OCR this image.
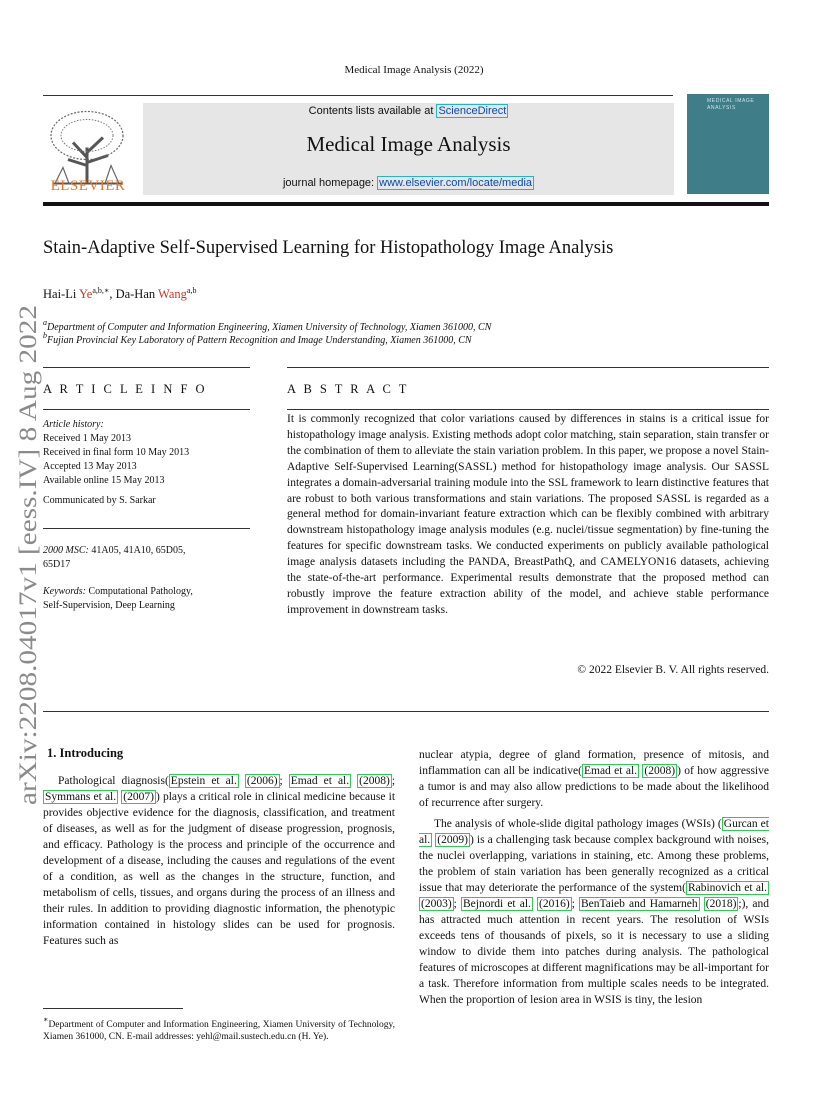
Medical Image Analysis (2022)
ELSEVIER
Contents lists available at ScienceDirect
Medical Image Analysis
journal homepage: www.elsevier.com/locate/media
MEDICAL IMAGE ANALYSIS
arXiv:2208.04017v1 [eess.IV] 8 Aug 2022
Stain-Adaptive Self-Supervised Learning for Histopathology Image Analysis
Hai-Li $Ye^{a,b,∗}$, Da-Han Wang$^{a,b}$
$^a$Department of Computer and Information Engineering, Xiamen University of Technology, Xiamen 361000, CN
$^b$Fujian Provincial Key Laboratory of Pattern Recognition and Image Understanding, Xiamen 361000, CN
A R T I C L E I N F O
Article history:
Received 1 May 2013
Received in final form 10 May 2013
Accepted 13 May 2013
Available online 15 May 2013
Communicated by S. Sarkar
2000 MSC: 41A05, 41A10, 65D05,
65D17
Keywords: Computational Pathology,
Self-Supervision, Deep Learning
A B S T R A C T
It is commonly recognized that color variations caused by differences in stains is a critical issue for histopathology image analysis. Existing methods adopt color matching, stain separation, stain transfer or the combination of them to alleviate the stain variation problem. In this paper, we propose a novel Stain-Adaptive Self-Supervised Learning(SASSL) method for histopathology image analysis. Our SASSL integrates a domain-adversarial training module into the SSL framework to learn distinctive features that are robust to both various transformations and stain variations. The proposed SASSL is regarded as a general method for domain-invariant feature extraction which can be flexibly combined with arbitrary downstream histopathology image analysis modules (e.g. nuclei/tissue segmentation) by fine-tuning the features for specific downstream tasks. We conducted experiments on publicly available pathological image analysis datasets including the PANDA, BreastPathQ, and CAMELYON16 datasets, achieving the state-of-the-art performance. Experimental results demonstrate that the proposed method can robustly improve the feature extraction ability of the model, and achieve stable performance improvement in downstream tasks.
© 2022 Elsevier B. V. All rights reserved.
1. Introducing

Pathological diagnosis( Epstein et al. (2006) ; Emad et al. (2008) ; Symmans et al. (2007) ) plays a critical role in clinical medicine because it provides objective evidence for the diagnosis, classification, and treatment of diseases, as well as for the judgment of disease progression, prognosis, and efficacy. Pathology is the process and principle of the occurrence and development of a disease, including the causes and regulations of the event of a condition, as well as the changes in the structure, function, and metabolism of cells, tissues, and organs during the process of an illness and their rules. In addition to providing diagnostic information, the phenotypic information contained in histology slides can be used for prognosis. Features such as

∗Department of Computer and Information Engineering, Xiamen University of Technology, Xiamen 361000, CN. E-mail addresses: yehl@mail.sustech.edu.cn (H. Ye).

nuclear atypia, degree of gland formation, presence of mitosis, and inflammation can all be indicative( Emad et al. (2008) ) of how aggressive a tumor is and may also allow predictions to be made about the likelihood of recurrence after surgery.

The analysis of whole-slide digital pathology images (WSIs) ( Gurcan et al. (2009) ) is a challenging task because complex background with noises, the nuclei overlapping, variations in staining, etc. Among these problems, the problem of stain variation has been generally recognized as a critical issue that may deteriorate the performance of the system( Rabinovich et al. (2003) ; Bejnordi et al. (2016) ; BenTaieb and Hamarneh (2018) ;), and has attracted much attention in recent years. The resolution of WSIs exceeds tens of thousands of pixels, so it is necessary to use a sliding window to divide them into patches during analysis. The pathological features of microscopes at different magnifications may be all-important for a task. Therefore information from multiple scales needs to be integrated. When the proportion of lesion area in WSIS is tiny, the lesion
